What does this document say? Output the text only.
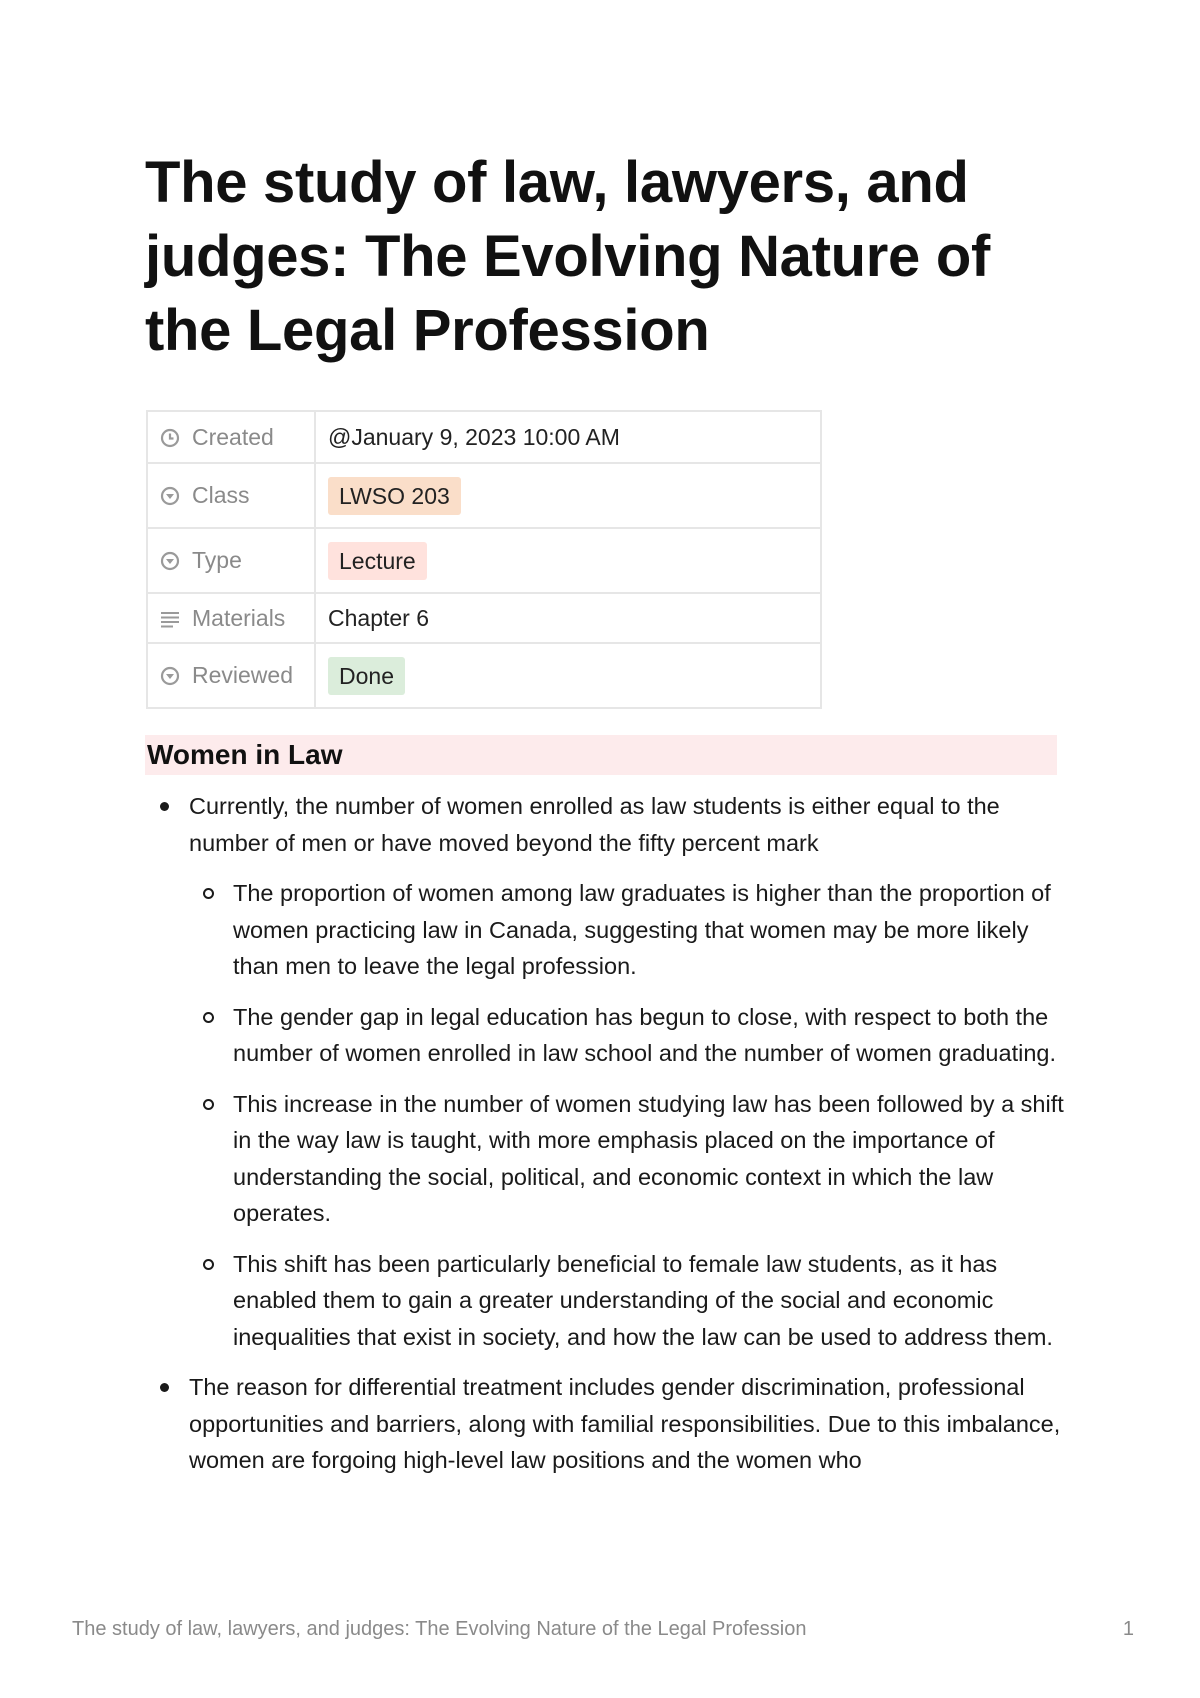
The study of law, lawyers, and judges: The Evolving Nature of the Legal Profession
Created	@January 9, 2023 10:00 AM

Class	LWSO 203

Type	Lecture

Materials	Chapter 6

Reviewed	Done
Women in Law
Currently, the number of women enrolled as law students is either equal to the number of men or have moved beyond the fifty percent mark
The proportion of women among law graduates is higher than the proportion of women practicing law in Canada, suggesting that women may be more likely than men to leave the legal profession.
The gender gap in legal education has begun to close, with respect to both the number of women enrolled in law school and the number of women graduating.
This increase in the number of women studying law has been followed by a shift in the way law is taught, with more emphasis placed on the importance of understanding the social, political, and economic context in which the law operates.
This shift has been particularly beneficial to female law students, as it has enabled them to gain a greater understanding of the social and economic inequalities that exist in society, and how the law can be used to address them.
The reason for differential treatment includes gender discrimination, professional opportunities and barriers, along with familial responsibilities. Due to this imbalance, women are forgoing high-level law positions and the women who
The study of law, lawyers, and judges: The Evolving Nature of the Legal Profession	1
